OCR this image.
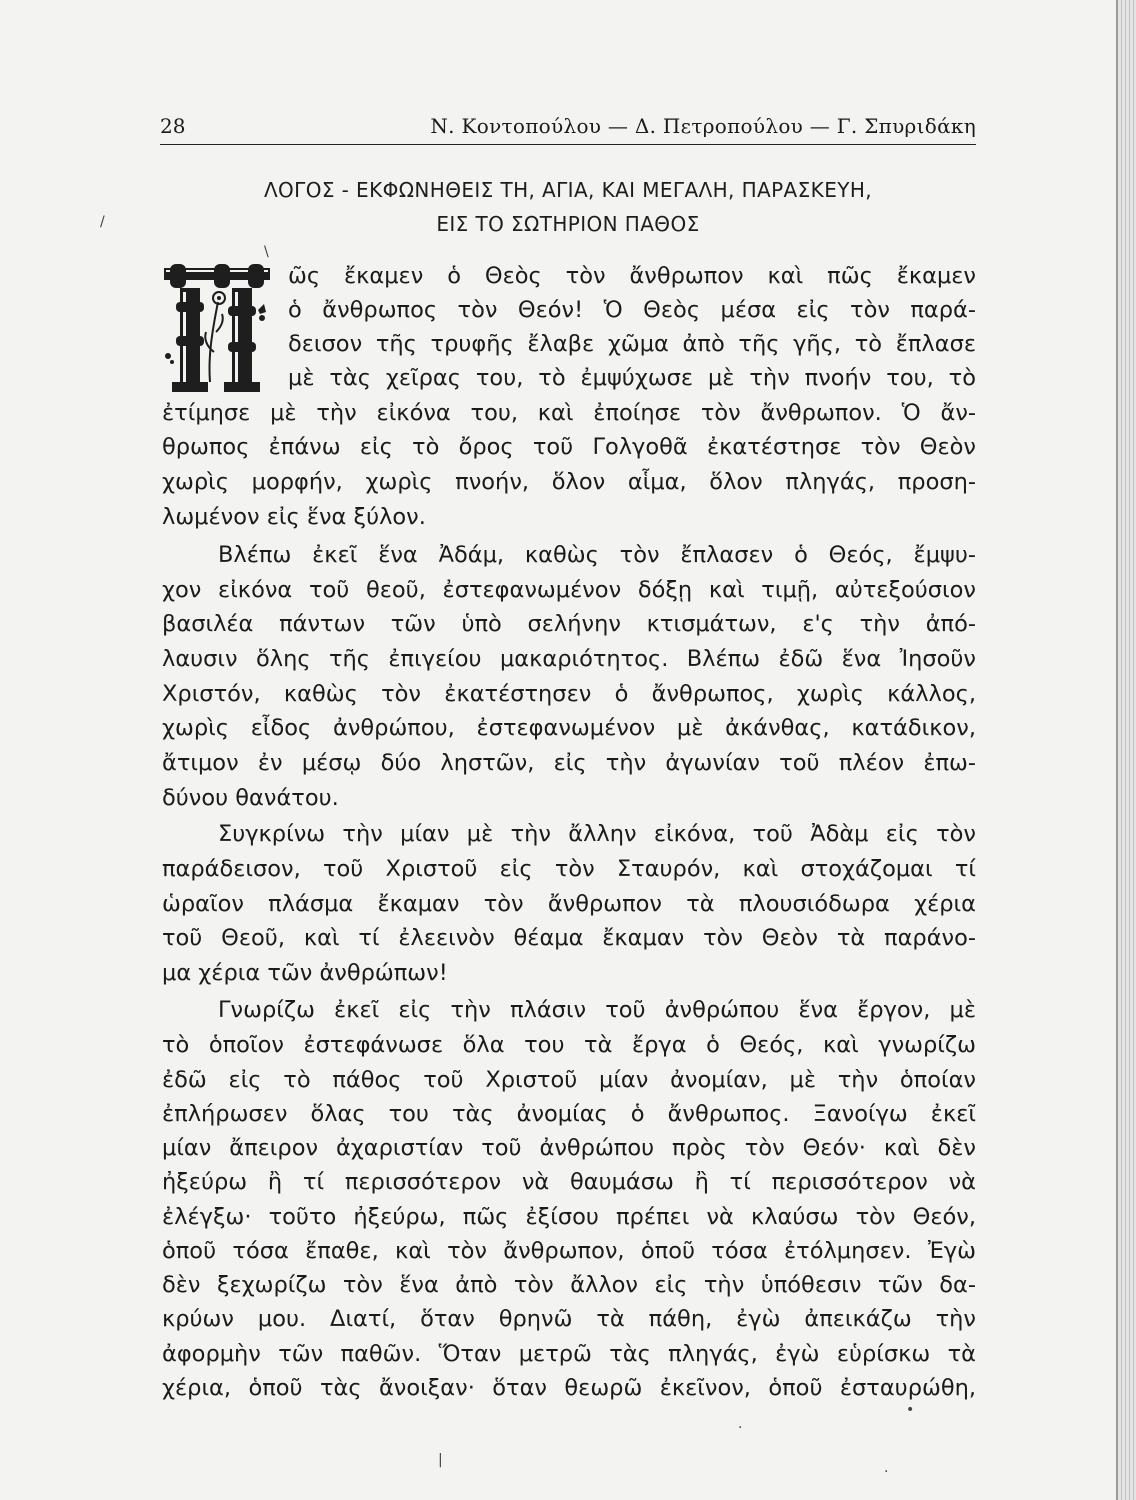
28	Ν. Κοντοπούλου — Δ. Πετροπούλου — Γ. Σπυριδάκη
ΛΟΓΟΣ - ΕΚΦΩΝΗΘΕΙΣ ΤΗ, ΑΓΙΑ, ΚΑΙ ΜΕΓΑΛΗ, ΠΑΡΑΣΚΕΥΗ,
ΕΙΣ ΤΟ ΣΩΤΗΡΙΟΝ ΠΑΘΟΣ
ῶς ἔκαμεν ὁ Θεὸς τὸν ἄνθρωπον καὶ πῶς ἔκαμεν
ὁ ἄνθρωπος τὸν Θεόν! Ὁ Θεὸς μέσα εἰς τὸν παρά-
δεισον τῆς τρυφῆς ἔλαβε χῶμα ἀπὸ τῆς γῆς, τὸ ἔπλασε
μὲ τὰς χεῖρας του, τὸ ἐμψύχωσε μὲ τὴν πνοήν του, τὸ
ἐτίμησε μὲ τὴν εἰκόνα του, καὶ ἐποίησε τὸν ἄνθρωπον. Ὁ ἄν-
θρωπος ἐπάνω εἰς τὸ ὄρος τοῦ Γολγοθᾶ ἐκατέστησε τὸν Θεὸν
χωρὶς μορφήν, χωρὶς πνοήν, ὅλον αἷμα, ὅλον πληγάς, προση-
λωμένον εἰς ἕνα ξύλον.
Βλέπω ἐκεῖ ἕνα Ἀδάμ, καθὼς τὸν ἔπλασεν ὁ Θεός, ἔμψυ-
χον εἰκόνα τοῦ θεοῦ, ἐστεφανωμένον δόξῃ καὶ τιμῇ, αὐτεξούσιον
βασιλέα πάντων τῶν ὑπὸ σελήνην κτισμάτων, ε'ς τὴν ἀπό-
λαυσιν ὅλης τῆς ἐπιγείου μακαριότητος. Βλέπω ἐδῶ ἕνα Ἰησοῦν
Χριστόν, καθὼς τὸν ἐκατέστησεν ὁ ἄνθρωπος, χωρὶς κάλλος,
χωρὶς εἶδος ἀνθρώπου, ἐστεφανωμένον μὲ ἀκάνθας, κατάδικον,
ἄτιμον ἐν μέσῳ δύο ληστῶν, εἰς τὴν ἀγωνίαν τοῦ πλέον ἐπω-
δύνου θανάτου.
Συγκρίνω τὴν μίαν μὲ τὴν ἄλλην εἰκόνα, τοῦ Ἀδὰμ εἰς τὸν
παράδεισον, τοῦ Χριστοῦ εἰς τὸν Σταυρόν, καὶ στοχάζομαι τί
ὡραῖον πλάσμα ἔκαμαν τὸν ἄνθρωπον τὰ πλουσιόδωρα χέρια
τοῦ Θεοῦ, καὶ τί ἐλεεινὸν θέαμα ἔκαμαν τὸν Θεὸν τὰ παράνο-
μα χέρια τῶν ἀνθρώπων!
Γνωρίζω ἐκεῖ εἰς τὴν πλάσιν τοῦ ἀνθρώπου ἕνα ἔργον, μὲ
τὸ ὁποῖον ἐστεφάνωσε ὅλα του τὰ ἔργα ὁ Θεός, καὶ γνωρίζω
ἐδῶ εἰς τὸ πάθος τοῦ Χριστοῦ μίαν ἀνομίαν, μὲ τὴν ὁποίαν
ἐπλήρωσεν ὅλας του τὰς ἀνομίας ὁ ἄνθρωπος. Ξανοίγω ἐκεῖ
μίαν ἄπειρον ἀχαριστίαν τοῦ ἀνθρώπου πρὸς τὸν Θεόν· καὶ δὲν
ἠξεύρω ἢ τί περισσότερον νὰ θαυμάσω ἢ τί περισσότερον νὰ
ἐλέγξω· τοῦτο ἠξεύρω, πῶς ἐξίσου πρέπει νὰ κλαύσω τὸν Θεόν,
ὁποῦ τόσα ἔπαθε, καὶ τὸν ἄνθρωπον, ὁποῦ τόσα ἐτόλμησεν. Ἐγὼ
δὲν ξεχωρίζω τὸν ἕνα ἀπὸ τὸν ἄλλον εἰς τὴν ὑπόθεσιν τῶν δα-
κρύων μου. Διατί, ὅταν θρηνῶ τὰ πάθη, ἐγὼ ἀπεικάζω τὴν
ἀφορμὴν τῶν παθῶν. Ὅταν μετρῶ τὰς πληγάς, ἐγὼ εὑρίσκω τὰ
χέρια, ὁποῦ τὰς ἄνοιξαν· ὅταν θεωρῶ ἐκεῖνον, ὁποῦ ἐσταυρώθη,
/
\
•
·
|
·
